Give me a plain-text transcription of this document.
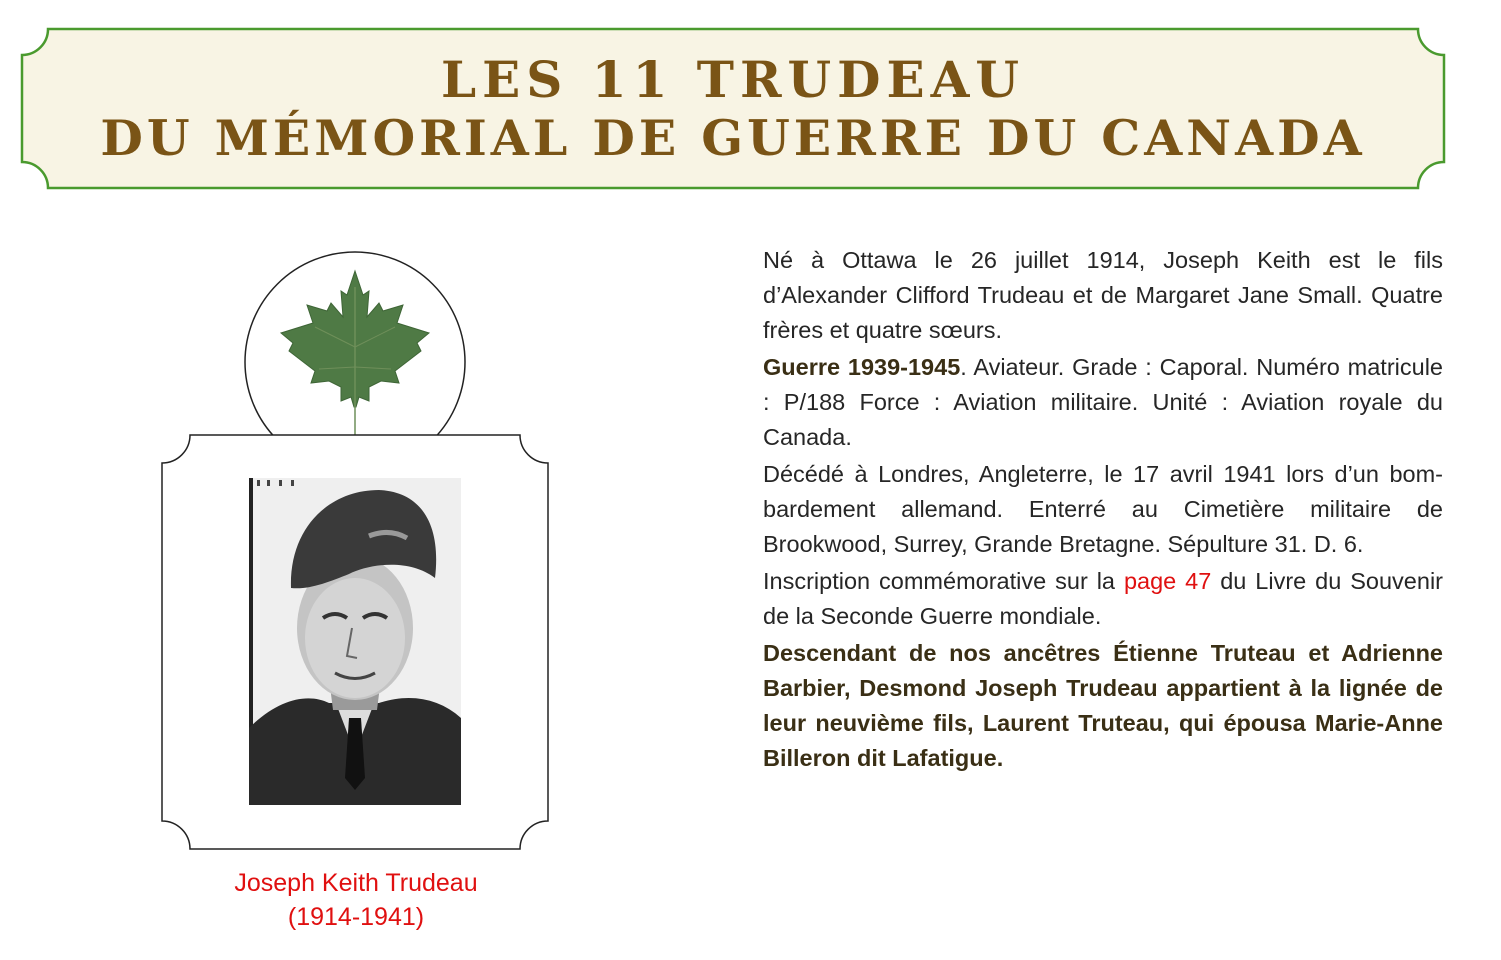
LES 11 TRUDEAU
DU MÉMORIAL DE GUERRE DU CANADA
Joseph Keith Trudeau
(1914-1941)

Né à Ottawa le 26 juillet 1914, Joseph Keith est le fils d’Alexander Clifford Trudeau et de Margaret Jane Small. Quatre frères et quatre sœurs.

Guerre 1939-1945. Aviateur. Grade : Caporal. Numéro matricule : P/188 Force : Aviation militaire. Unité : Aviation royale du Canada.

Décédé à Londres, Angleterre, le 17 avril 1941 lors d’un bombardement allemand. Enterré au Cimetière militaire de Brookwood, Surrey, Grande Bretagne. Sépulture 31. D. 6.

Inscription commémorative sur la page 47 du Livre du Souvenir de la Seconde Guerre mondiale.

Descendant de nos ancêtres Étienne Truteau et Adrienne Barbier, Desmond Joseph Trudeau appartient à la lignée de leur neuvième fils, Laurent Truteau, qui épousa Marie-Anne Billeron dit Lafatigue.
